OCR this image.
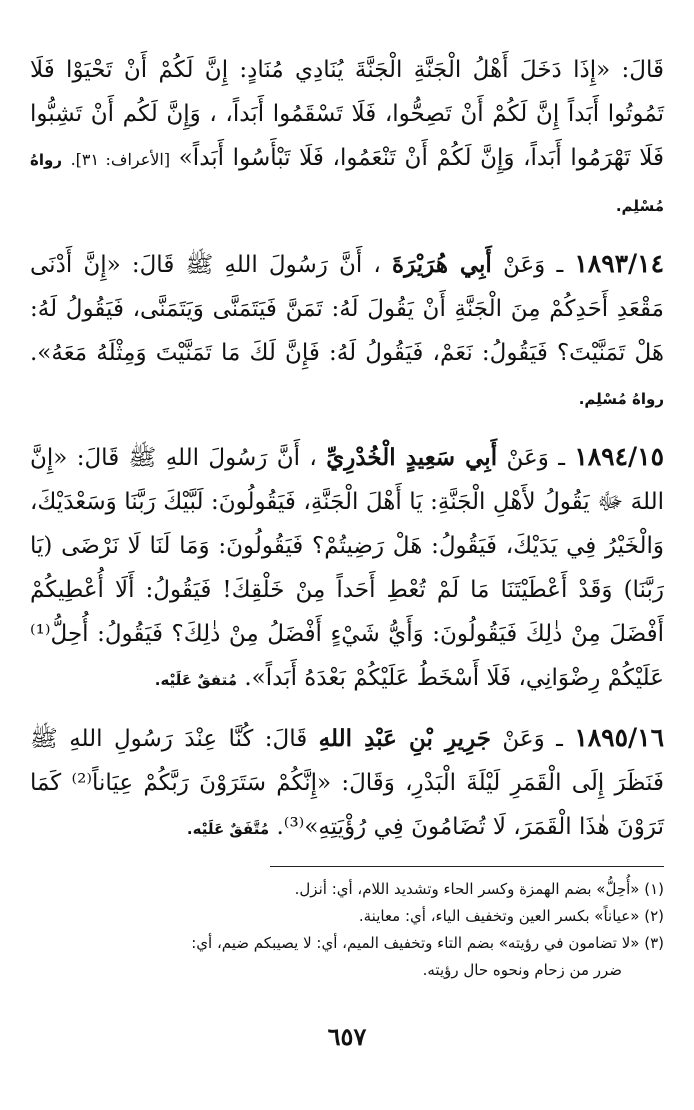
قَالَ: «إِذَا دَخَلَ أَهْلُ الْجَنَّةِ الْجَنَّةَ يُنَادِي مُنَادٍ: إِنَّ لَكُمْ أَنْ تَحْيَوْا فَلَا تَمُوتُوا أَبَداً إِنَّ لَكُمْ أَنْ تَصِحُّوا، فَلَا تَسْقَمُوا أَبَداً، ، وَإِنَّ لَكُم أَنْ تَشِبُّوا فَلَا تَهْرَمُوا أَبَداً، وَإِنَّ لَكُمْ أَنْ تَنْعَمُوا، فَلَا تَبْأَسُوا أَبَداً» [الأعراف: ٣١]. رواهُ مُسْلِم.

١٨٩٣/١٤ ـ وَعَنْ أَبِي هُرَيْرَةَ ، أَنَّ رَسُولَ اللهِ ﷺ قَالَ: «إِنَّ أَدْنَى مَقْعَدِ أَحَدِكُمْ مِنَ الْجَنَّةِ أَنْ يَقُولَ لَهُ: تَمَنَّ فَيَتَمَنَّى وَيَتَمَنَّى، فَيَقُولُ لَهُ: هَلْ تَمَنَّيْتَ؟ فَيَقُولُ: نَعَمْ، فَيَقُولُ لَهُ: فَإِنَّ لَكَ مَا تَمَنَّيْتَ وَمِثْلَهُ مَعَهُ». رواهُ مُسْلِم.

١٨٩٤/١٥ ـ وَعَنْ أَبِي سَعِيدٍ الْخُدْرِيِّ ، أَنَّ رَسُولَ اللهِ ﷺ قَالَ: «إِنَّ اللهَ ﷻ يَقُولُ لأَهْلِ الْجَنَّةِ: يَا أَهْلَ الْجَنَّةِ، فَيَقُولُونَ: لَبَّيْكَ رَبَّنَا وَسَعْدَيْكَ، وَالْخَيْرُ فِي يَدَيْكَ، فَيَقُولُ: هَلْ رَضِيتُمْ؟ فَيَقُولُونَ: وَمَا لَنَا لَا نَرْضَى (يَا رَبَّنَا) وَقَدْ أَعْطَيْتَنَا مَا لَمْ تُعْطِ أَحَداً مِنْ خَلْقِكَ! فَيَقُولُ: أَلَا أُعْطِيكُمْ أَفْضَلَ مِنْ ذٰلِكَ فَيَقُولُونَ: وَأَيُّ شَيْءٍ أَفْضَلُ مِنْ ذٰلِكَ؟ فَيَقُولُ: أُحِلُّ⁽¹⁾ عَلَيْكُمْ رِضْوَانِي، فَلَا أَسْخَطُ عَلَيْكُمْ بَعْدَهُ أَبَداً». مُتفقٌ عَلَيْه.

١٨٩٥/١٦ ـ وَعَنْ جَرِيرِ بْنِ عَبْدِ اللهِ قَالَ: كُنَّا عِنْدَ رَسُولِ اللهِ ﷺ فَنَظَرَ إِلَى الْقَمَرِ لَيْلَةَ الْبَدْرِ، وَقَالَ: «إِنَّكُمْ سَتَرَوْنَ رَبَّكُمْ عِيَاناً⁽²⁾ كَمَا تَرَوْنَ هٰذَا الْقَمَرَ، لَا تُضَامُونَ فِي رُؤْيَتِهِ»⁽³⁾. مُتَّفَقٌ عَلَيْه.

(١) «أُحِلُّ» بضم الهمزة وكسر الحاء وتشديد اللام، أي: أنزل.

(٢) «عياناً» بكسر العين وتخفيف الياء، أي: معاينة.

(٣) «لا تضامون في رؤيته» بضم التاء وتخفيف الميم، أي: لا يصيبكم ضيم، أي:

ضرر من زحام ونحوه حال رؤيته.

٦٥٧
